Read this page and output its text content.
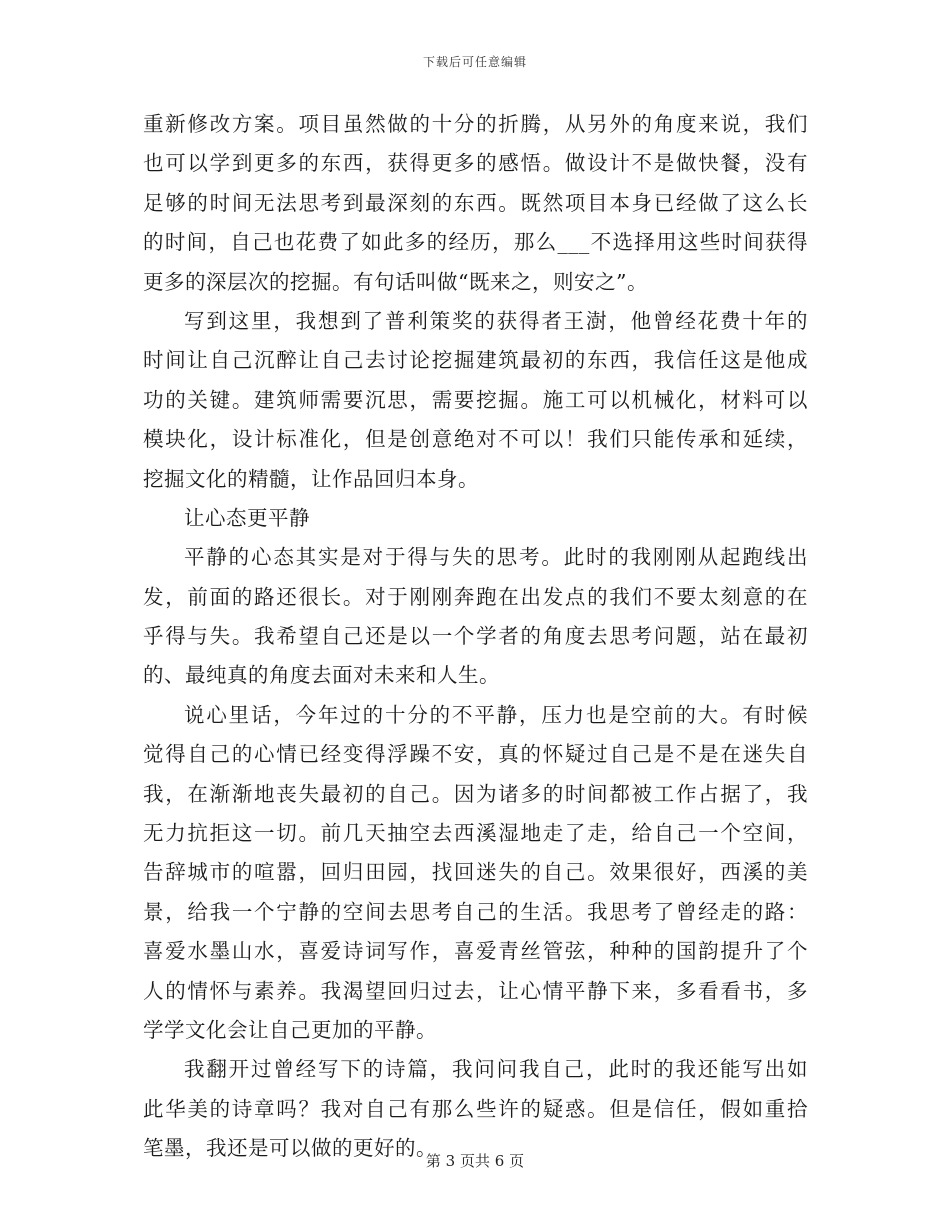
下载后可任意编辑
重新修改方案。项目虽然做的十分的折腾，从另外的角度来说，我们
也可以学到更多的东西，获得更多的感悟。做设计不是做快餐，没有
足够的时间无法思考到最深刻的东西。既然项目本身已经做了这么长
的时间，自己也花费了如此多的经历，那么___不选择用这些时间获得
更多的深层次的挖掘。有句话叫做“既来之，则安之”。
写到这里，我想到了普利策奖的获得者王澍，他曾经花费十年的
时间让自己沉醉让自己去讨论挖掘建筑最初的东西，我信任这是他成
功的关键。建筑师需要沉思，需要挖掘。施工可以机械化，材料可以
模块化，设计标准化，但是创意绝对不可以！我们只能传承和延续，
挖掘文化的精髓，让作品回归本身。
让心态更平静
平静的心态其实是对于得与失的思考。此时的我刚刚从起跑线出
发，前面的路还很长。对于刚刚奔跑在出发点的我们不要太刻意的在
乎得与失。我希望自己还是以一个学者的角度去思考问题，站在最初
的、最纯真的角度去面对未来和人生。
说心里话，今年过的十分的不平静，压力也是空前的大。有时候
觉得自己的心情已经变得浮躁不安，真的怀疑过自己是不是在迷失自
我，在渐渐地丧失最初的自己。因为诸多的时间都被工作占据了，我
无力抗拒这一切。前几天抽空去西溪湿地走了走，给自己一个空间，
告辞城市的喧嚣，回归田园，找回迷失的自己。效果很好，西溪的美
景，给我一个宁静的空间去思考自己的生活。我思考了曾经走的路：
喜爱水墨山水，喜爱诗词写作，喜爱青丝管弦，种种的国韵提升了个
人的情怀与素养。我渴望回归过去，让心情平静下来，多看看书，多
学学文化会让自己更加的平静。
我翻开过曾经写下的诗篇，我问问我自己，此时的我还能写出如
此华美的诗章吗？我对自己有那么些许的疑惑。但是信任，假如重拾
笔墨，我还是可以做的更好的。
第 3 页共 6 页
